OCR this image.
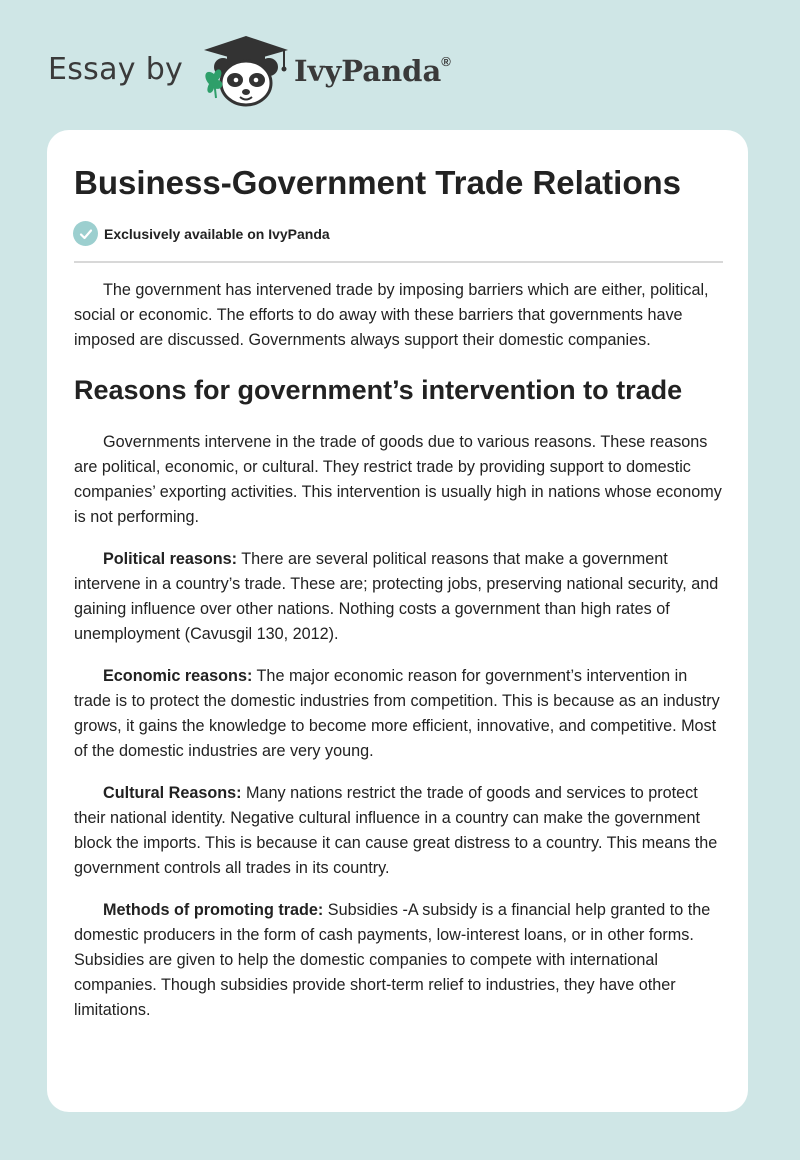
Essay by	IvyPanda®
Business-Government Trade Relations
Exclusively available on IvyPanda

The government has intervened trade by imposing barriers which are either, political, social or economic. The efforts to do away with these barriers that governments have imposed are discussed. Governments always support their domestic companies.

Reasons for government’s intervention to trade

Governments intervene in the trade of goods due to various reasons. These reasons are political, economic, or cultural. They restrict trade by providing support to domestic companies’ exporting activities. This intervention is usually high in nations whose economy is not performing.

Political reasons: There are several political reasons that make a government intervene in a country’s trade. These are; protecting jobs, preserving national security, and gaining influence over other nations. Nothing costs a government than high rates of unemployment (Cavusgil 130, 2012).

Economic reasons: The major economic reason for government’s intervention in trade is to protect the domestic industries from competition. This is because as an industry grows, it gains the knowledge to become more efficient, innovative, and competitive. Most of the domestic industries are very young.

Cultural Reasons: Many nations restrict the trade of goods and services to protect their national identity. Negative cultural influence in a country can make the government block the imports. This is because it can cause great distress to a country. This means the government controls all trades in its country.

Methods of promoting trade: Subsidies -A subsidy is a financial help granted to the domestic producers in the form of cash payments, low-interest loans, or in other forms. Subsidies are given to help the domestic companies to compete with international companies. Though subsidies provide short-term relief to industries, they have other limitations.
